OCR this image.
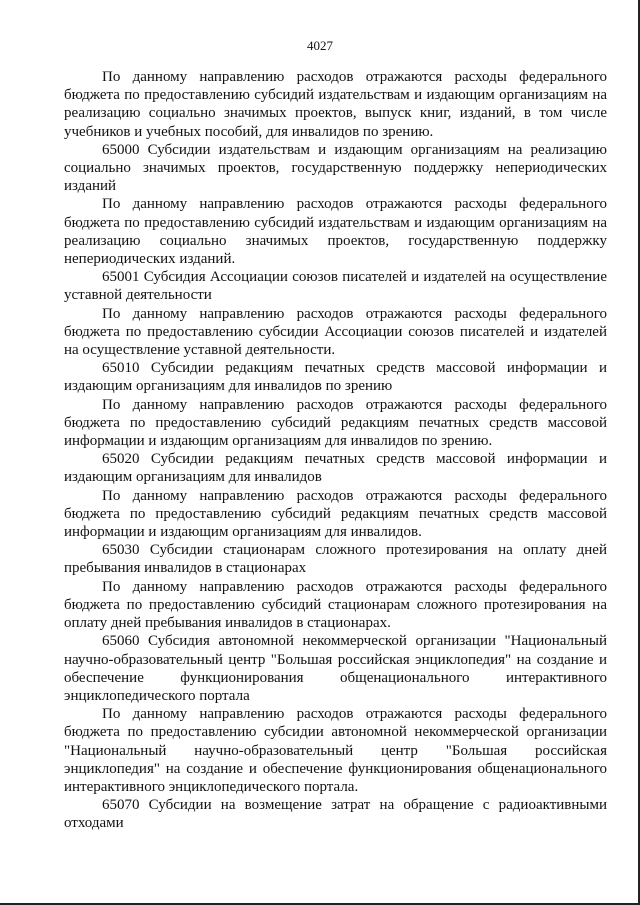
4027

По данному направлению расходов отражаются расходы федерального бюджета по предоставлению субсидий издательствам и издающим организациям на реализацию социально значимых проектов, выпуск книг, изданий, в том числе учебников и учебных пособий, для инвалидов по зрению.

65000 Субсидии издательствам и издающим организациям на реализацию социально значимых проектов, государственную поддержку непериодических изданий

По данному направлению расходов отражаются расходы федерального бюджета по предоставлению субсидий издательствам и издающим организациям на реализацию социально значимых проектов, государственную поддержку непериодических изданий.

65001 Субсидия Ассоциации союзов писателей и издателей на осуществление уставной деятельности

По данному направлению расходов отражаются расходы федерального бюджета по предоставлению субсидии Ассоциации союзов писателей и издателей на осуществление уставной деятельности.

65010 Субсидии редакциям печатных средств массовой информации и издающим организациям для инвалидов по зрению

По данному направлению расходов отражаются расходы федерального бюджета по предоставлению субсидий редакциям печатных средств массовой информации и издающим организациям для инвалидов по зрению.

65020 Субсидии редакциям печатных средств массовой информации и издающим организациям для инвалидов

По данному направлению расходов отражаются расходы федерального бюджета по предоставлению субсидий редакциям печатных средств массовой информации и издающим организациям для инвалидов.

65030 Субсидии стационарам сложного протезирования на оплату дней пребывания инвалидов в стационарах

По данному направлению расходов отражаются расходы федерального бюджета по предоставлению субсидий стационарам сложного протезирования на оплату дней пребывания инвалидов в стационарах.

65060 Субсидия автономной некоммерческой организации "Национальный научно-образовательный центр "Большая российская энциклопедия" на создание и обеспечение функционирования общенационального интерактивного энциклопедического портала

По данному направлению расходов отражаются расходы федерального бюджета по предоставлению субсидии автономной некоммерческой организации "Национальный научно-образовательный центр "Большая российская энциклопедия" на создание и обеспечение функционирования общенационального интерактивного энциклопедического портала.

65070 Субсидии на возмещение затрат на обращение с радиоактивными отходами
